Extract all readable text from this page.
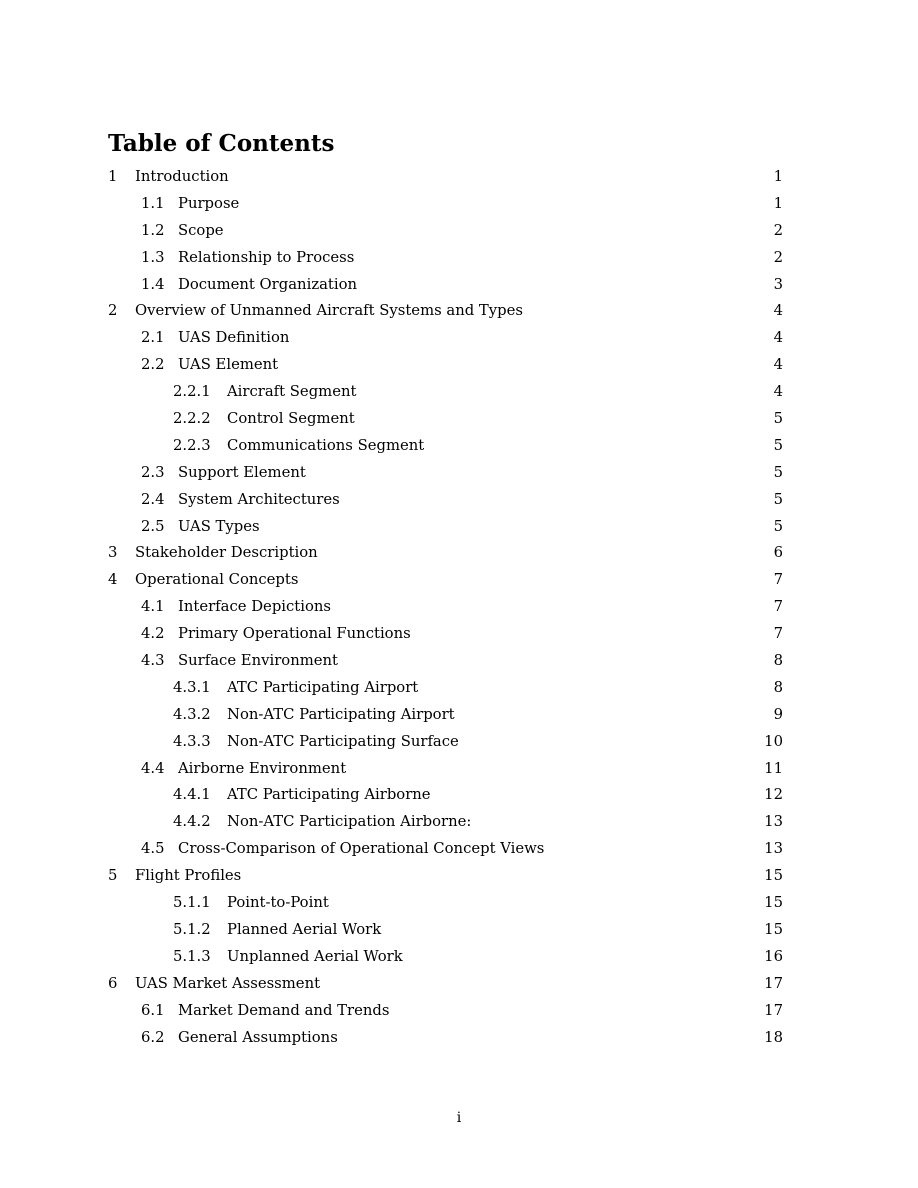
Table of Contents
1 Introduction	1
1.1 Purpose	1
1.2 Scope	2
1.3 Relationship to Process	2
1.4 Document Organization	3
2 Overview of Unmanned Aircraft Systems and Types	4
2.1 UAS Definition	4
2.2 UAS Element	4
2.2.1 Aircraft Segment	4
2.2.2 Control Segment	5
2.2.3 Communications Segment	5
2.3 Support Element	5
2.4 System Architectures	5
2.5 UAS Types	5
3 Stakeholder Description	6
4 Operational Concepts	7
4.1 Interface Depictions	7
4.2 Primary Operational Functions	7
4.3 Surface Environment	8
4.3.1 ATC Participating Airport	8
4.3.2 Non-ATC Participating Airport	9
4.3.3 Non-ATC Participating Surface	10
4.4 Airborne Environment	11
4.4.1 ATC Participating Airborne	12
4.4.2 Non-ATC Participation Airborne:	13
4.5 Cross-Comparison of Operational Concept Views	13
5 Flight Profiles	15
5.1.1 Point-to-Point	15
5.1.2 Planned Aerial Work	15
5.1.3 Unplanned Aerial Work	16
6 UAS Market Assessment	17
6.1 Market Demand and Trends	17
6.2 General Assumptions	18
i
